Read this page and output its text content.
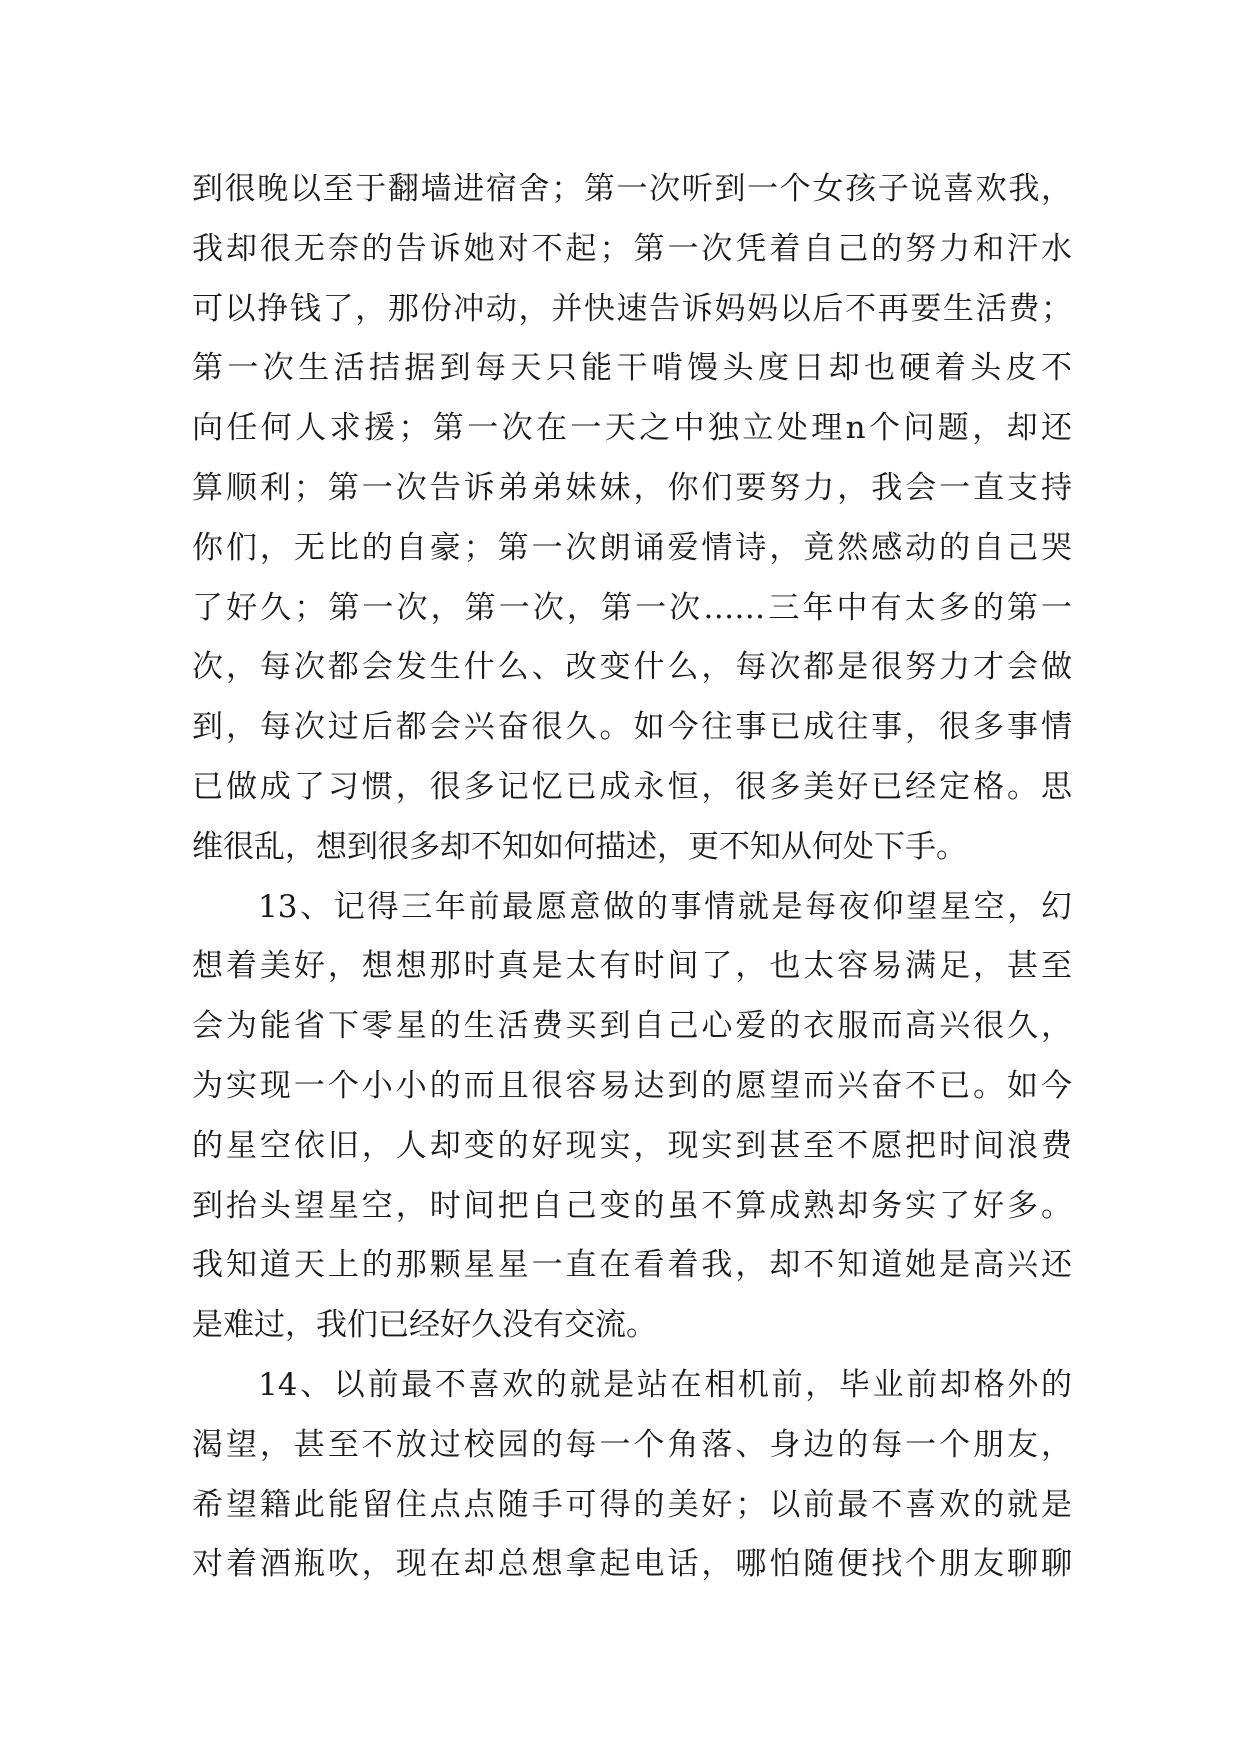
到很晚以至于翻墙进宿舍；第一次听到一个女孩子说喜欢我，
我却很无奈的告诉她对不起；第一次凭着自己的努力和汗水
可以挣钱了，那份冲动，并快速告诉妈妈以后不再要生活费；
第一次生活拮据到每天只能干啃馒头度日却也硬着头皮不
向任何人求援；第一次在一天之中独立处理n个问题，却还
算顺利；第一次告诉弟弟妹妹，你们要努力，我会一直支持
你们，无比的自豪；第一次朗诵爱情诗，竟然感动的自己哭
了好久；第一次，第一次，第一次……三年中有太多的第一
次，每次都会发生什么、改变什么，每次都是很努力才会做
到，每次过后都会兴奋很久。如今往事已成往事，很多事情
已做成了习惯，很多记忆已成永恒，很多美好已经定格。思
维很乱，想到很多却不知如何描述，更不知从何处下手。
13、记得三年前最愿意做的事情就是每夜仰望星空，幻
想着美好，想想那时真是太有时间了，也太容易满足，甚至
会为能省下零星的生活费买到自己心爱的衣服而高兴很久，
为实现一个小小的而且很容易达到的愿望而兴奋不已。如今
的星空依旧，人却变的好现实，现实到甚至不愿把时间浪费
到抬头望星空，时间把自己变的虽不算成熟却务实了好多。
我知道天上的那颗星星一直在看着我，却不知道她是高兴还
是难过，我们已经好久没有交流。
14、以前最不喜欢的就是站在相机前，毕业前却格外的
渴望，甚至不放过校园的每一个角落、身边的每一个朋友，
希望籍此能留住点点随手可得的美好；以前最不喜欢的就是
对着酒瓶吹，现在却总想拿起电话，哪怕随便找个朋友聊聊
